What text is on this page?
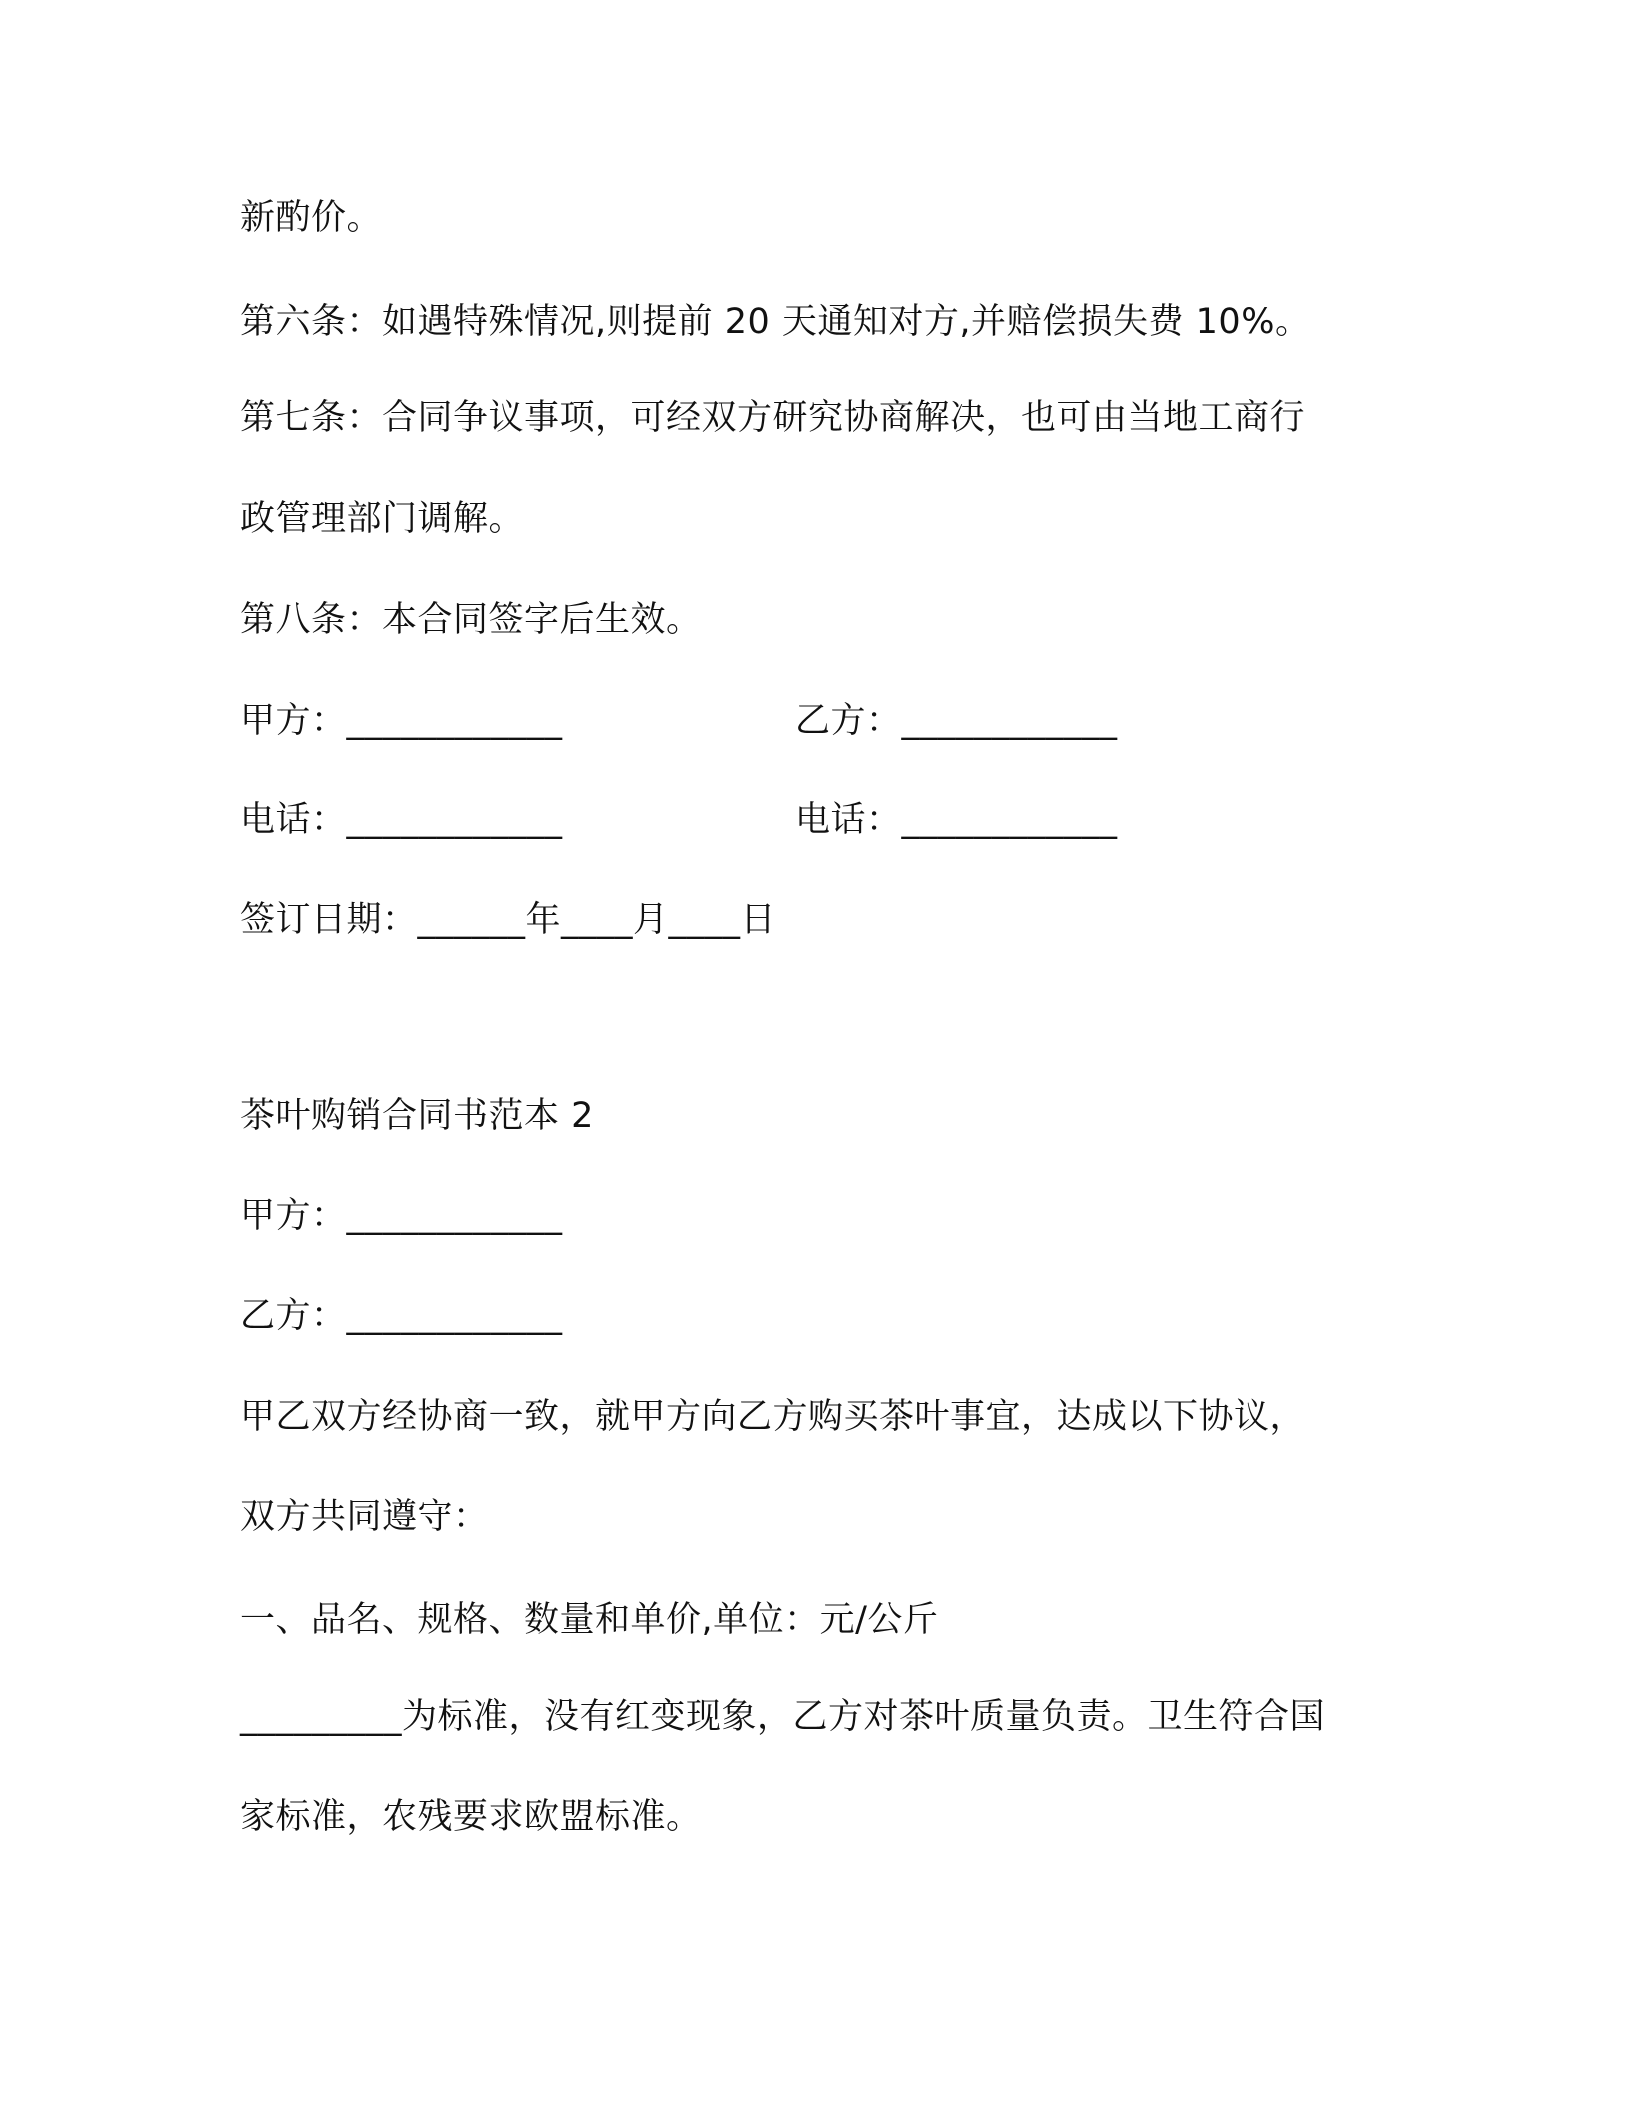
新酌价。
第六条：如遇特殊情况,则提前 20 天通知对方,并赔偿损失费 10%。
第七条：合同争议事项，可经双方研究协商解决，也可由当地工商行
政管理部门调解。
第八条：本合同签字后生效。
甲方：____________	乙方：____________
电话：____________	电话：____________
签订日期：______年____月____日
茶叶购销合同书范本 2
甲方：____________
乙方：____________
甲乙双方经协商一致，就甲方向乙方购买茶叶事宜，达成以下协议，
双方共同遵守：
一、品名、规格、数量和单价,单位：元/公斤
_________为标准，没有红变现象，乙方对茶叶质量负责。卫生符合国
家标准，农残要求欧盟标准。
